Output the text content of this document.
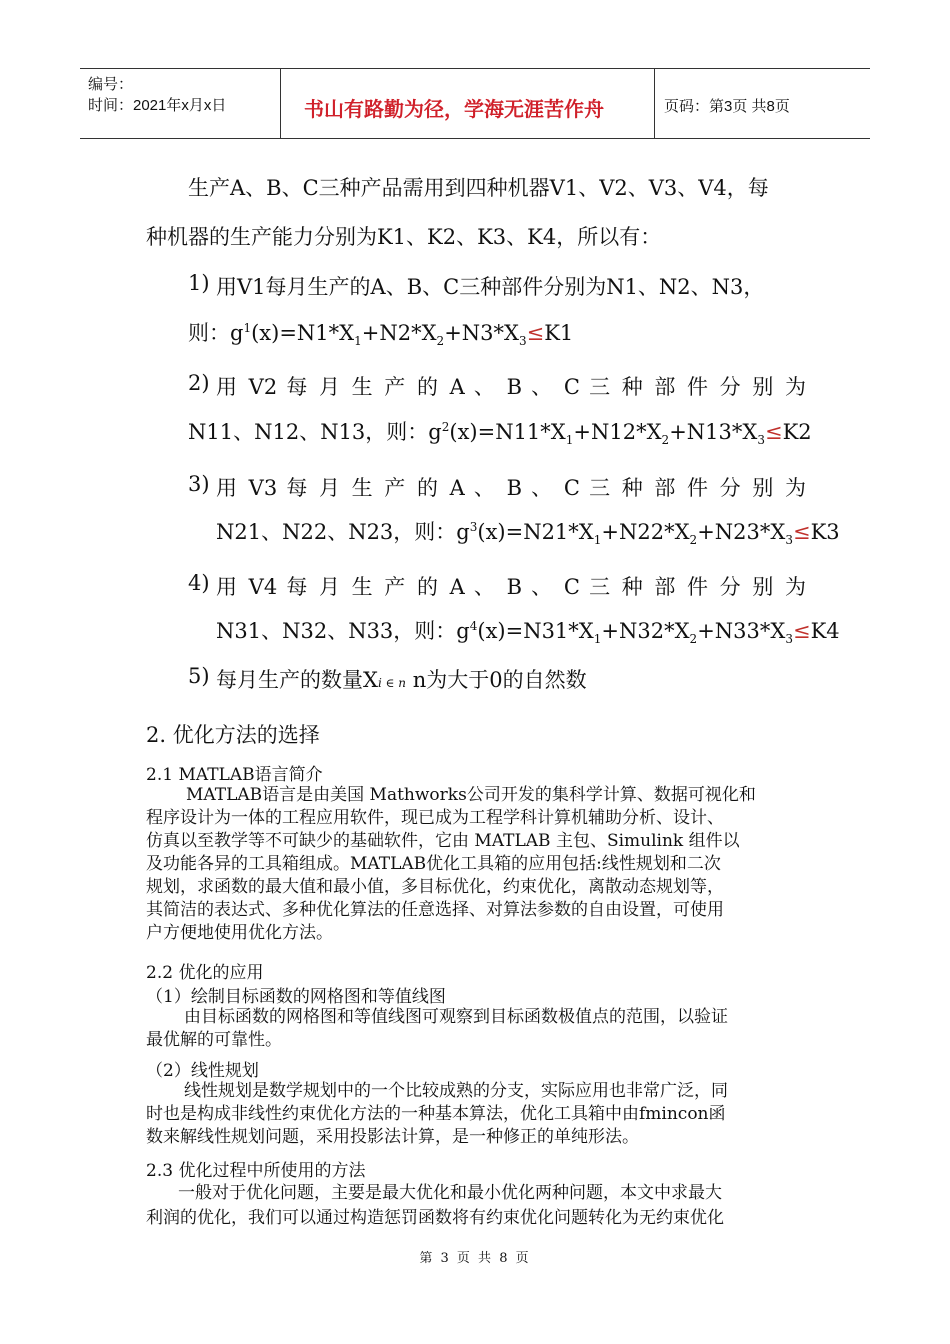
编号：
时间：2021年x月x日	书山有路勤为径，学海无涯苦作舟	页码：第3页 共8页
生产A、B、C三种产品需用到四种机器V1、V2、V3、V4，每
种机器的生产能力分别为K1、K2、K3、K4，所以有：
1) 用V1每月生产的A、B、C三种部件分别为N1、N2、N3，
则：$g^1(x)=N1*X_1+N2*X_2+N3*X_3\le K1$
2) 用 V2 每 月 生 产 的 A 、 B 、 C 三 种 部 件 分 别 为
N11、N12、N13，则：$g^2(x)=N11*X_1+N12*X_2+N13*X_3\le K2$
3) 用 V3 每 月 生 产 的 A 、 B 、 C 三 种 部 件 分 别 为
N21、N22、N23，则：$g^3(x)=N21*X_1+N22*X_2+N23*X_3\le K3$
4) 用 V4 每 月 生 产 的 A 、 B 、 C 三 种 部 件 分 别 为
N31、N32、N33，则：$g^4(x)=N31*X_1+N32*X_2+N33*X_3\le K4$
5) 每月生产的数量Xi ∈ n n为大于0的自然数
2. 优化方法的选择
2.1 MATLAB语言简介
MATLAB语言是由美国 Mathworks公司开发的集科学计算、数据可视化和
程序设计为一体的工程应用软件，现已成为工程学科计算机辅助分析、设计、
仿真以至教学等不可缺少的基础软件，它由 MATLAB 主包、Simulink 组件以
及功能各异的工具箱组成。MATLAB优化工具箱的应用包括:线性规划和二次
规划，求函数的最大值和最小值，多目标优化，约束优化，离散动态规划等，
其简洁的表达式、多种优化算法的任意选择、对算法参数的自由设置，可使用
户方便地使用优化方法。
2.2 优化的应用
（1）绘制目标函数的网格图和等值线图
由目标函数的网格图和等值线图可观察到目标函数极值点的范围，以验证
最优解的可靠性。
（2）线性规划
线性规划是数学规划中的一个比较成熟的分支，实际应用也非常广泛，同
时也是构成非线性约束优化方法的一种基本算法，优化工具箱中由fmincon函
数来解线性规划问题，采用投影法计算，是一种修正的单纯形法。
2.3 优化过程中所使用的方法
一般对于优化问题，主要是最大优化和最小优化两种问题，本文中求最大
利润的优化，我们可以通过构造惩罚函数将有约束优化问题转化为无约束优化
第 3 页 共 8 页
